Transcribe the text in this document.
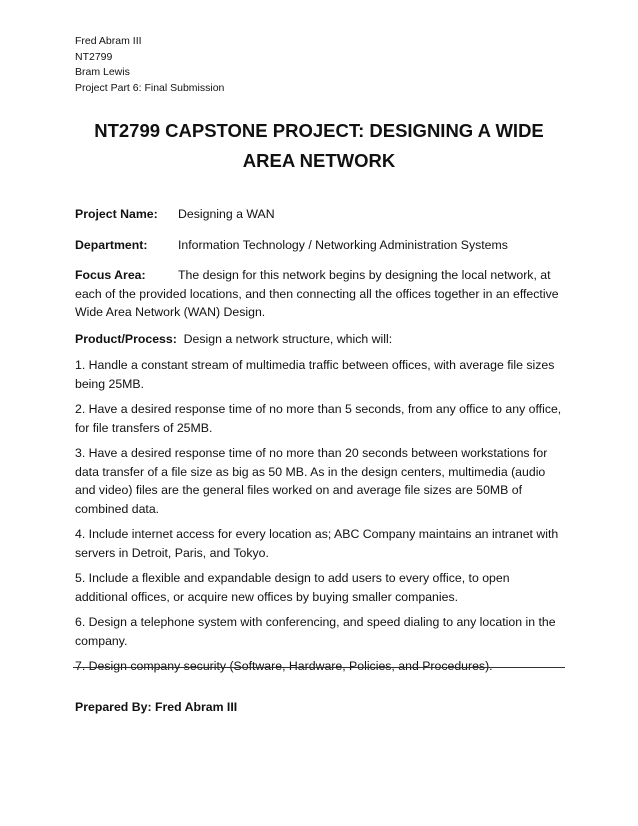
Fred Abram III
NT2799
Bram Lewis
Project Part 6: Final Submission
NT2799 CAPSTONE PROJECT: DESIGNING A WIDE
AREA NETWORK
Project Name:	Designing a WAN
Department:	Information Technology / Networking Administration Systems
Focus Area:	The design for this network begins by designing the local network, at each of the provided locations, and then connecting all the offices together in an effective Wide Area Network (WAN) Design.
Product/Process: Design a network structure, which will:
1. Handle a constant stream of multimedia traffic between offices, with average file sizes being 25MB.
2. Have a desired response time of no more than 5 seconds, from any office to any office, for file transfers of 25MB.
3. Have a desired response time of no more than 20 seconds between workstations for data transfer of a file size as big as 50 MB. As in the design centers, multimedia (audio and video) files are the general files worked on and average file sizes are 50MB of combined data.
4. Include internet access for every location as; ABC Company maintains an intranet with servers in Detroit, Paris, and Tokyo.
5. Include a flexible and expandable design to add users to every office, to open additional offices, or acquire new offices by buying smaller companies.
6. Design a telephone system with conferencing, and speed dialing to any location in the company.
7. Design company security (Software, Hardware, Policies, and Procedures).
Prepared By: Fred Abram III
